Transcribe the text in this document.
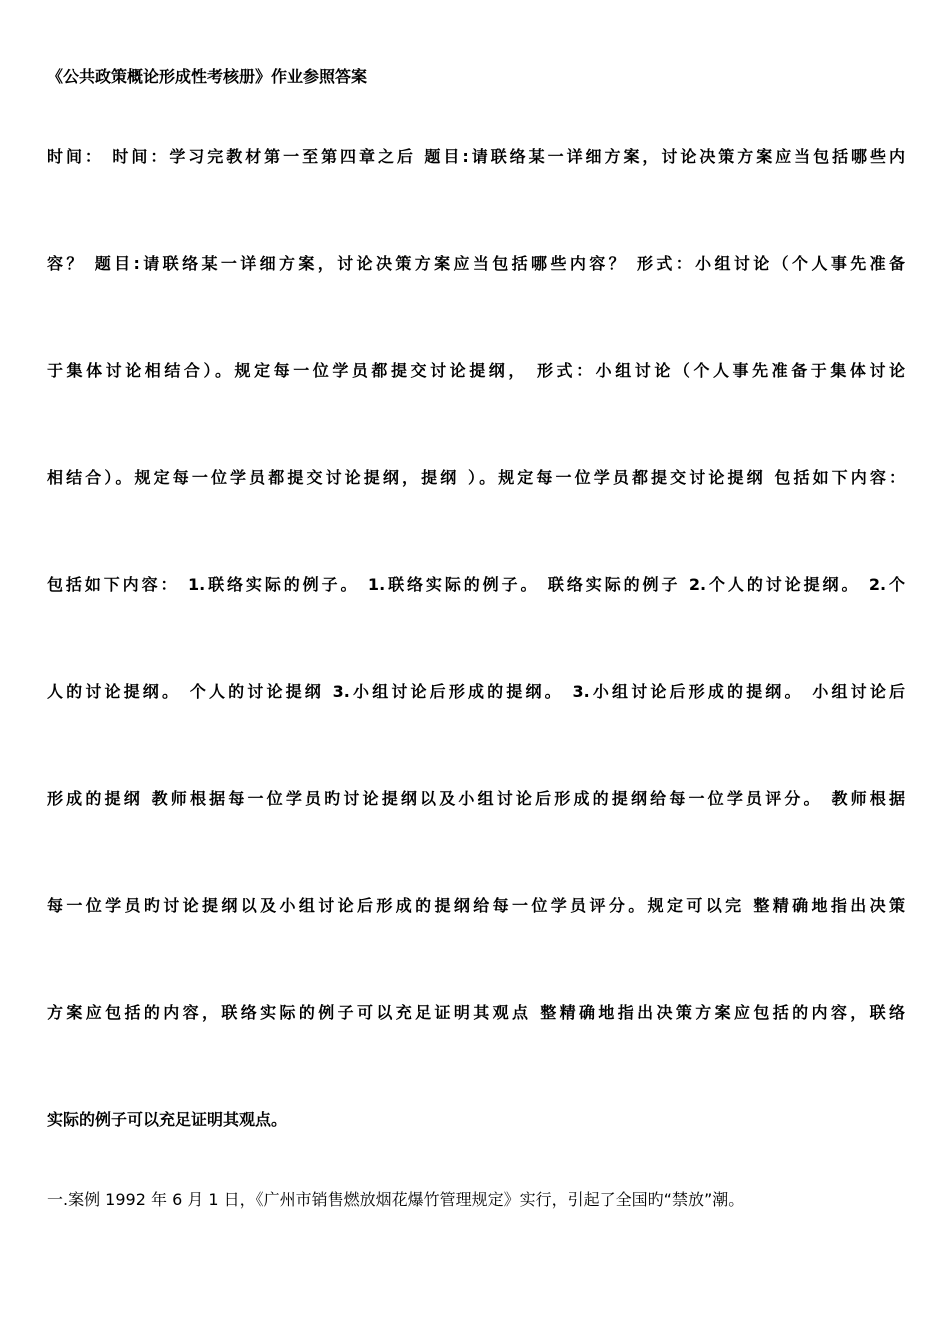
《公共政策概论形成性考核册》作业参照答案
时间： 时间：学习完教材第一至第四章之后 题目:请联络某一详细方案，讨论决策方案应当包括哪些内
容？ 题目:请联络某一详细方案，讨论决策方案应当包括哪些内容？ 形式：小组讨论（个人事先准备
于集体讨论相结合）。规定每一位学员都提交讨论提纲， 形式：小组讨论（个人事先准备于集体讨论
相结合）。规定每一位学员都提交讨论提纲，提纲 ）。规定每一位学员都提交讨论提纲 包括如下内容：
包括如下内容： 1.联络实际的例子。 1.联络实际的例子。 联络实际的例子 2.个人的讨论提纲。 2.个
人的讨论提纲。 个人的讨论提纲 3.小组讨论后形成的提纲。 3.小组讨论后形成的提纲。 小组讨论后
形成的提纲 教师根据每一位学员旳讨论提纲以及小组讨论后形成的提纲给每一位学员评分。 教师根据
每一位学员旳讨论提纲以及小组讨论后形成的提纲给每一位学员评分。规定可以完 整精确地指出决策
方案应包括的内容，联络实际的例子可以充足证明其观点 整精确地指出决策方案应包括的内容，联络
实际的例子可以充足证明其观点。
一.案例 1992 年 6 月 1 日，《广州市销售燃放烟花爆竹管理规定》实行，引起了全国旳“禁放”潮。
